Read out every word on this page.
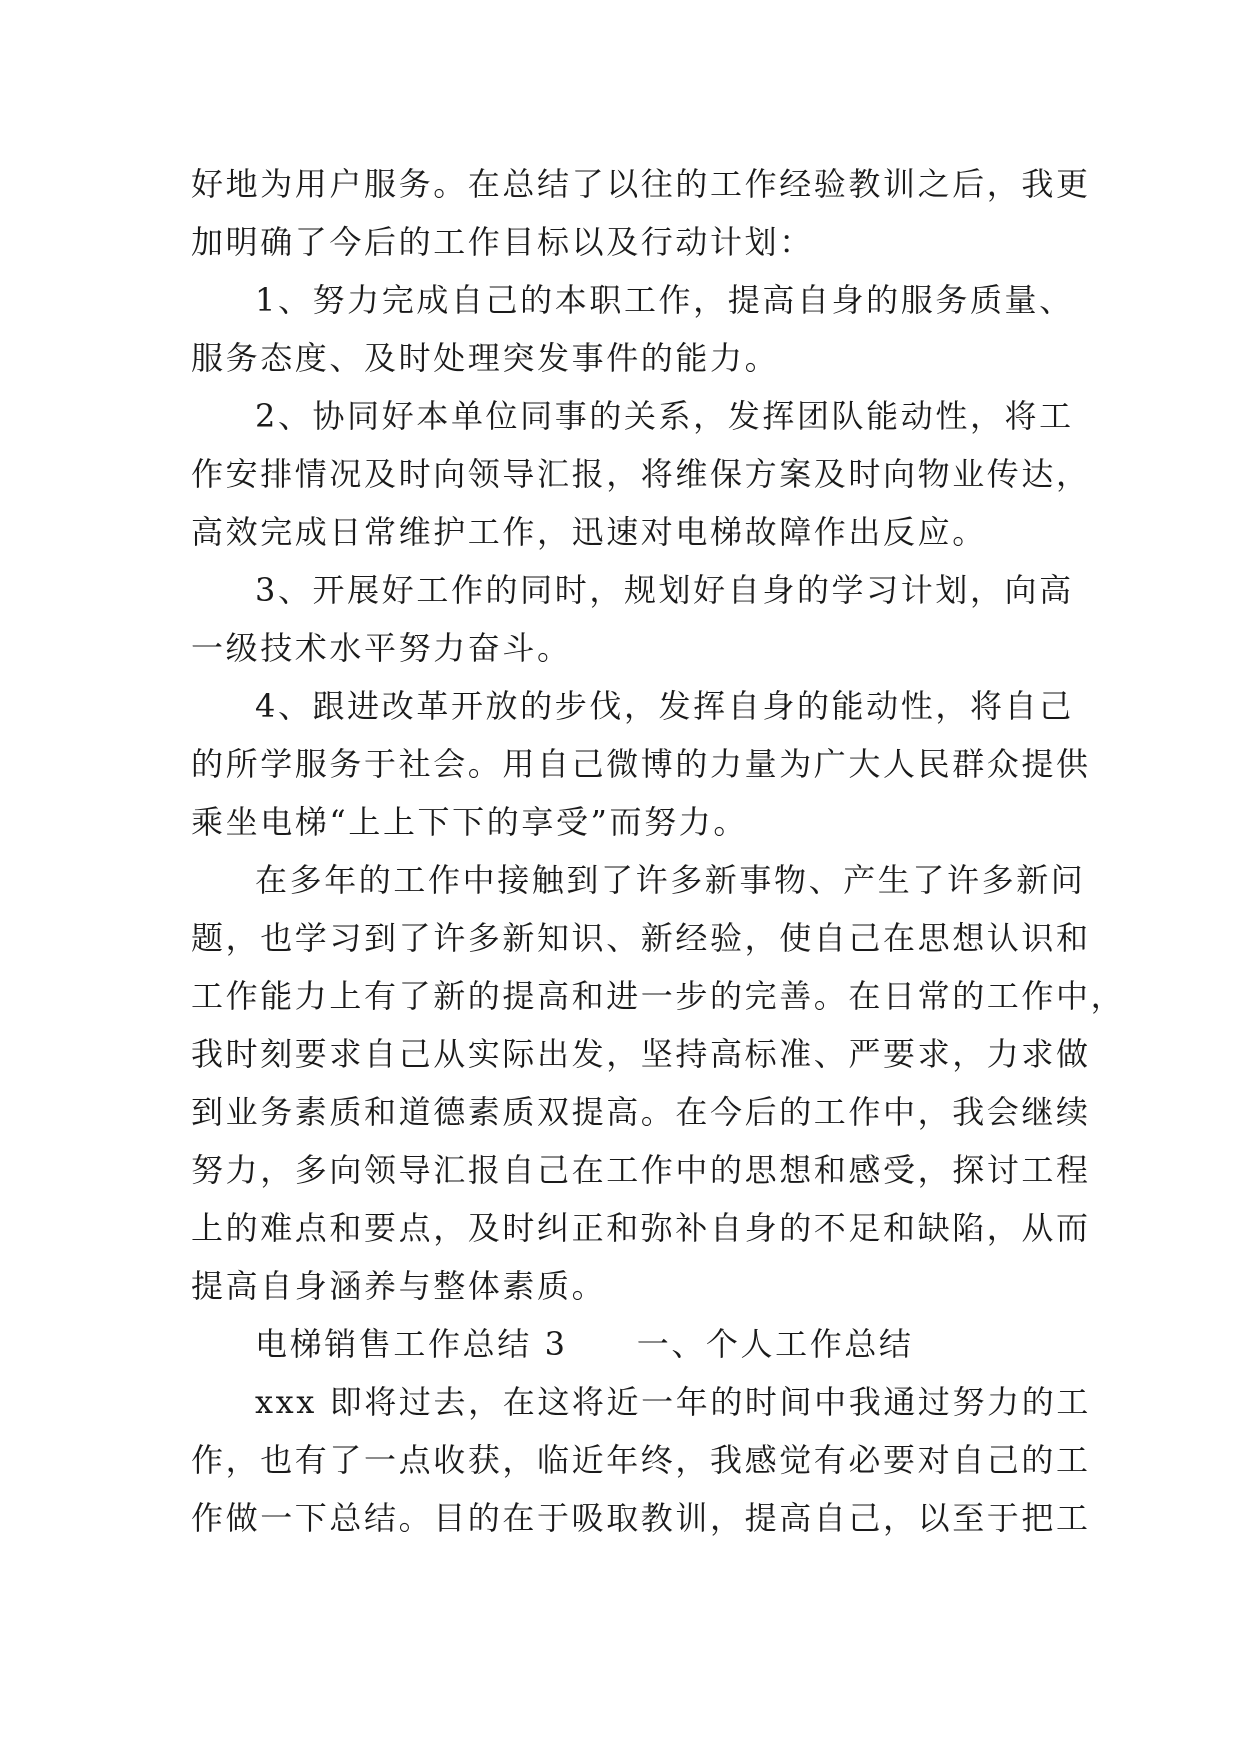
好地为用户服务。在总结了以往的工作经验教训之后，我更
加明确了今后的工作目标以及行动计划：
1、努力完成自己的本职工作，提高自身的服务质量、
服务态度、及时处理突发事件的能力。
2、协同好本单位同事的关系，发挥团队能动性，将工
作安排情况及时向领导汇报，将维保方案及时向物业传达，
高效完成日常维护工作，迅速对电梯故障作出反应。
3、开展好工作的同时，规划好自身的学习计划，向高
一级技术水平努力奋斗。
4、跟进改革开放的步伐，发挥自身的能动性，将自己
的所学服务于社会。用自己微博的力量为广大人民群众提供
乘坐电梯“上上下下的享受”而努力。
在多年的工作中接触到了许多新事物、产生了许多新问
题，也学习到了许多新知识、新经验，使自己在思想认识和
工作能力上有了新的提高和进一步的完善。在日常的工作中，
我时刻要求自己从实际出发，坚持高标准、严要求，力求做
到业务素质和道德素质双提高。在今后的工作中，我会继续
努力，多向领导汇报自己在工作中的思想和感受，探讨工程
上的难点和要点，及时纠正和弥补自身的不足和缺陷，从而
提高自身涵养与整体素质。
电梯销售工作总结 3　　一、个人工作总结
xxx 即将过去，在这将近一年的时间中我通过努力的工
作，也有了一点收获，临近年终，我感觉有必要对自己的工
作做一下总结。目的在于吸取教训，提高自己，以至于把工
